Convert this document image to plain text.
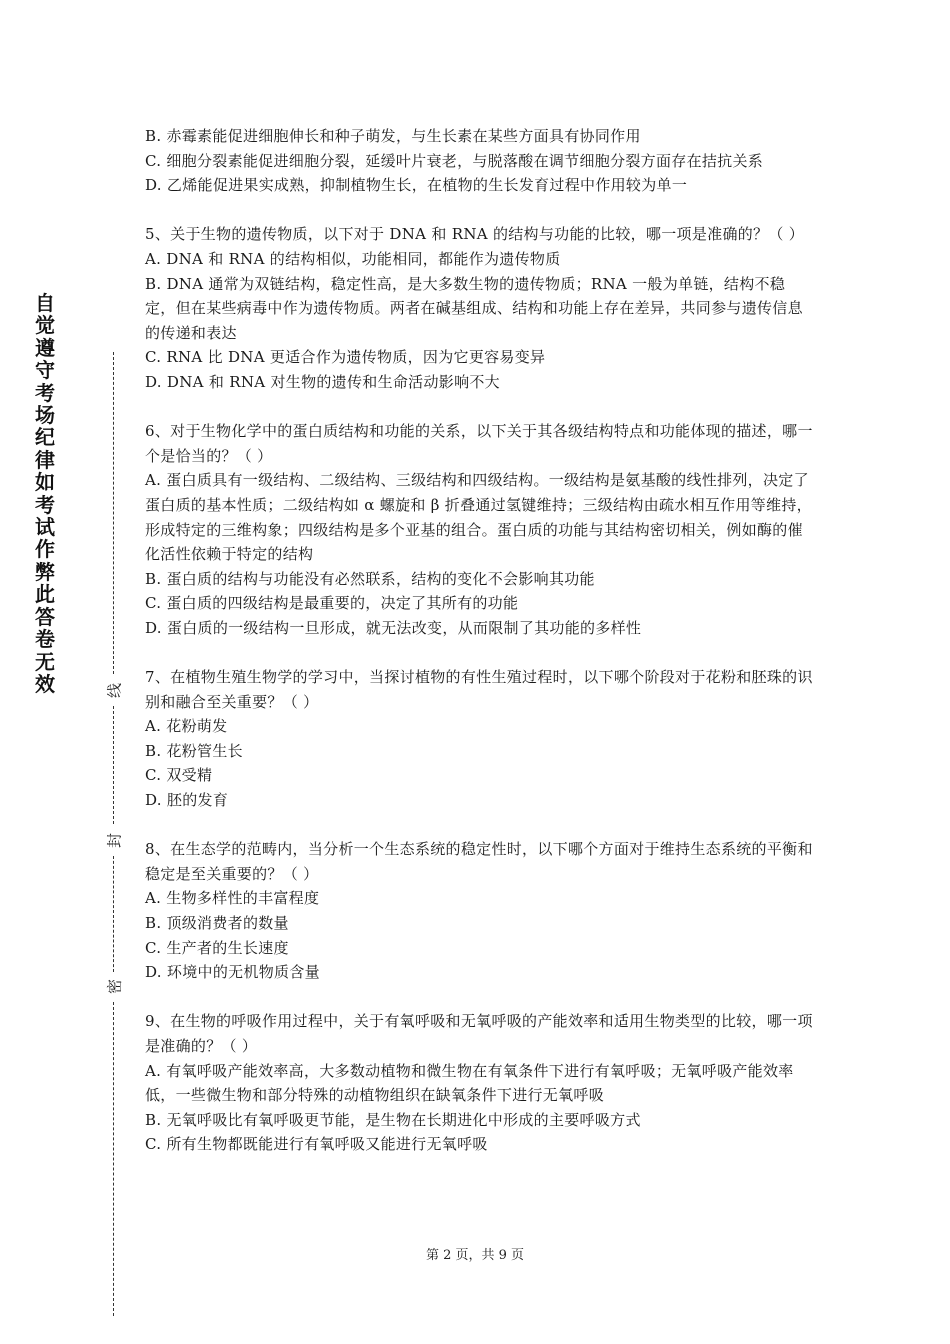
自觉遵守考场纪律如考试作弊此答卷无效	线
封
密

B. 赤霉素能促进细胞伸长和种子萌发，与生长素在某些方面具有协同作用

C. 细胞分裂素能促进细胞分裂，延缓叶片衰老，与脱落酸在调节细胞分裂方面存在拮抗关系

D. 乙烯能促进果实成熟，抑制植物生长，在植物的生长发育过程中作用较为单一

5、关于生物的遗传物质，以下对于 DNA 和 RNA 的结构与功能的比较，哪一项是准确的？（ ）

A. DNA 和 RNA 的结构相似，功能相同，都能作为遗传物质

B. DNA 通常为双链结构，稳定性高，是大多数生物的遗传物质；RNA 一般为单链，结构不稳定，但在某些病毒中作为遗传物质。两者在碱基组成、结构和功能上存在差异，共同参与遗传信息的传递和表达

C. RNA 比 DNA 更适合作为遗传物质，因为它更容易变异

D. DNA 和 RNA 对生物的遗传和生命活动影响不大

6、对于生物化学中的蛋白质结构和功能的关系，以下关于其各级结构特点和功能体现的描述，哪一个是恰当的？（ ）

A. 蛋白质具有一级结构、二级结构、三级结构和四级结构。一级结构是氨基酸的线性排列，决定了蛋白质的基本性质；二级结构如 α 螺旋和 β 折叠通过氢键维持；三级结构由疏水相互作用等维持，形成特定的三维构象；四级结构是多个亚基的组合。蛋白质的功能与其结构密切相关，例如酶的催化活性依赖于特定的结构

B. 蛋白质的结构与功能没有必然联系，结构的变化不会影响其功能

C. 蛋白质的四级结构是最重要的，决定了其所有的功能

D. 蛋白质的一级结构一旦形成，就无法改变，从而限制了其功能的多样性

7、在植物生殖生物学的学习中，当探讨植物的有性生殖过程时，以下哪个阶段对于花粉和胚珠的识别和融合至关重要？（ ）

A. 花粉萌发

B. 花粉管生长

C. 双受精

D. 胚的发育

8、在生态学的范畴内，当分析一个生态系统的稳定性时，以下哪个方面对于维持生态系统的平衡和稳定是至关重要的？（ ）

A. 生物多样性的丰富程度

B. 顶级消费者的数量

C. 生产者的生长速度

D. 环境中的无机物质含量

9、在生物的呼吸作用过程中，关于有氧呼吸和无氧呼吸的产能效率和适用生物类型的比较，哪一项是准确的？（ ）

A. 有氧呼吸产能效率高，大多数动植物和微生物在有氧条件下进行有氧呼吸；无氧呼吸产能效率低，一些微生物和部分特殊的动植物组织在缺氧条件下进行无氧呼吸

B. 无氧呼吸比有氧呼吸更节能，是生物在长期进化中形成的主要呼吸方式

C. 所有生物都既能进行有氧呼吸又能进行无氧呼吸

第 2 页，共 9 页
